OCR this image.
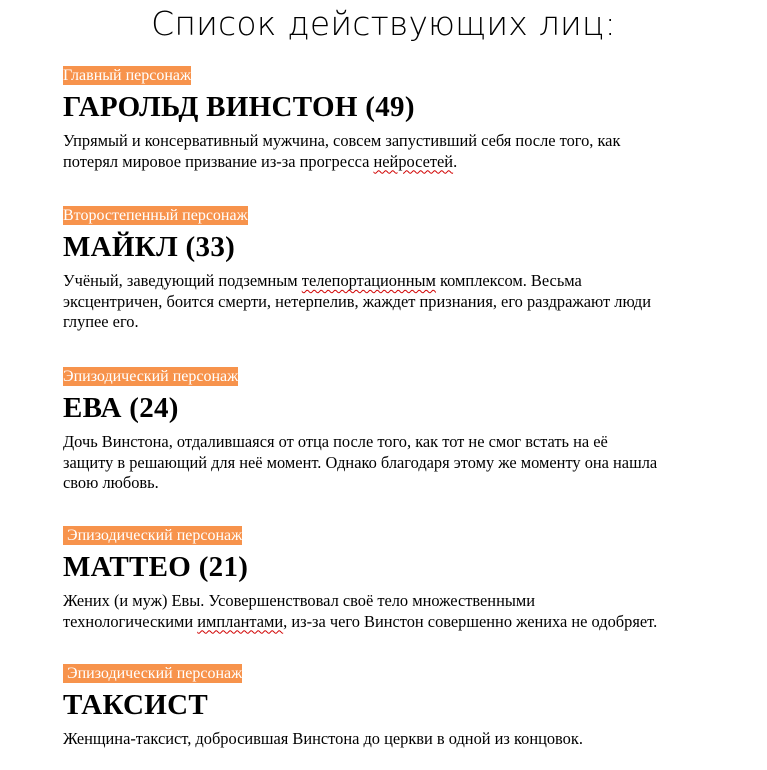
Список действующих лиц:
Главный персонаж
ГАРОЛЬД ВИНСТОН (49)
Упрямый и консервативный мужчина, совсем запустивший себя после того, как
потерял мировое призвание из-за прогресса нейросетей.
Второстепенный персонаж
МАЙКЛ (33)
Учёный, заведующий подземным телепортационным комплексом. Весьма
эксцентричен, боится смерти, нетерпелив, жаждет признания, его раздражают люди
глупее его.
Эпизодический персонаж
ЕВА (24)
Дочь Винстона, отдалившаяся от отца после того, как тот не смог встать на её
защиту в решающий для неё момент. Однако благодаря этому же моменту она нашла
свою любовь.
Эпизодический персонаж
МАТТЕО (21)
Жених (и муж) Евы. Усовершенствовал своё тело множественными
технологическими имплантами, из-за чего Винстон совершенно жениха не одобряет.
Эпизодический персонаж
ТАКСИСТ
Женщина-таксист, добросившая Винстона до церкви в одной из концовок.
